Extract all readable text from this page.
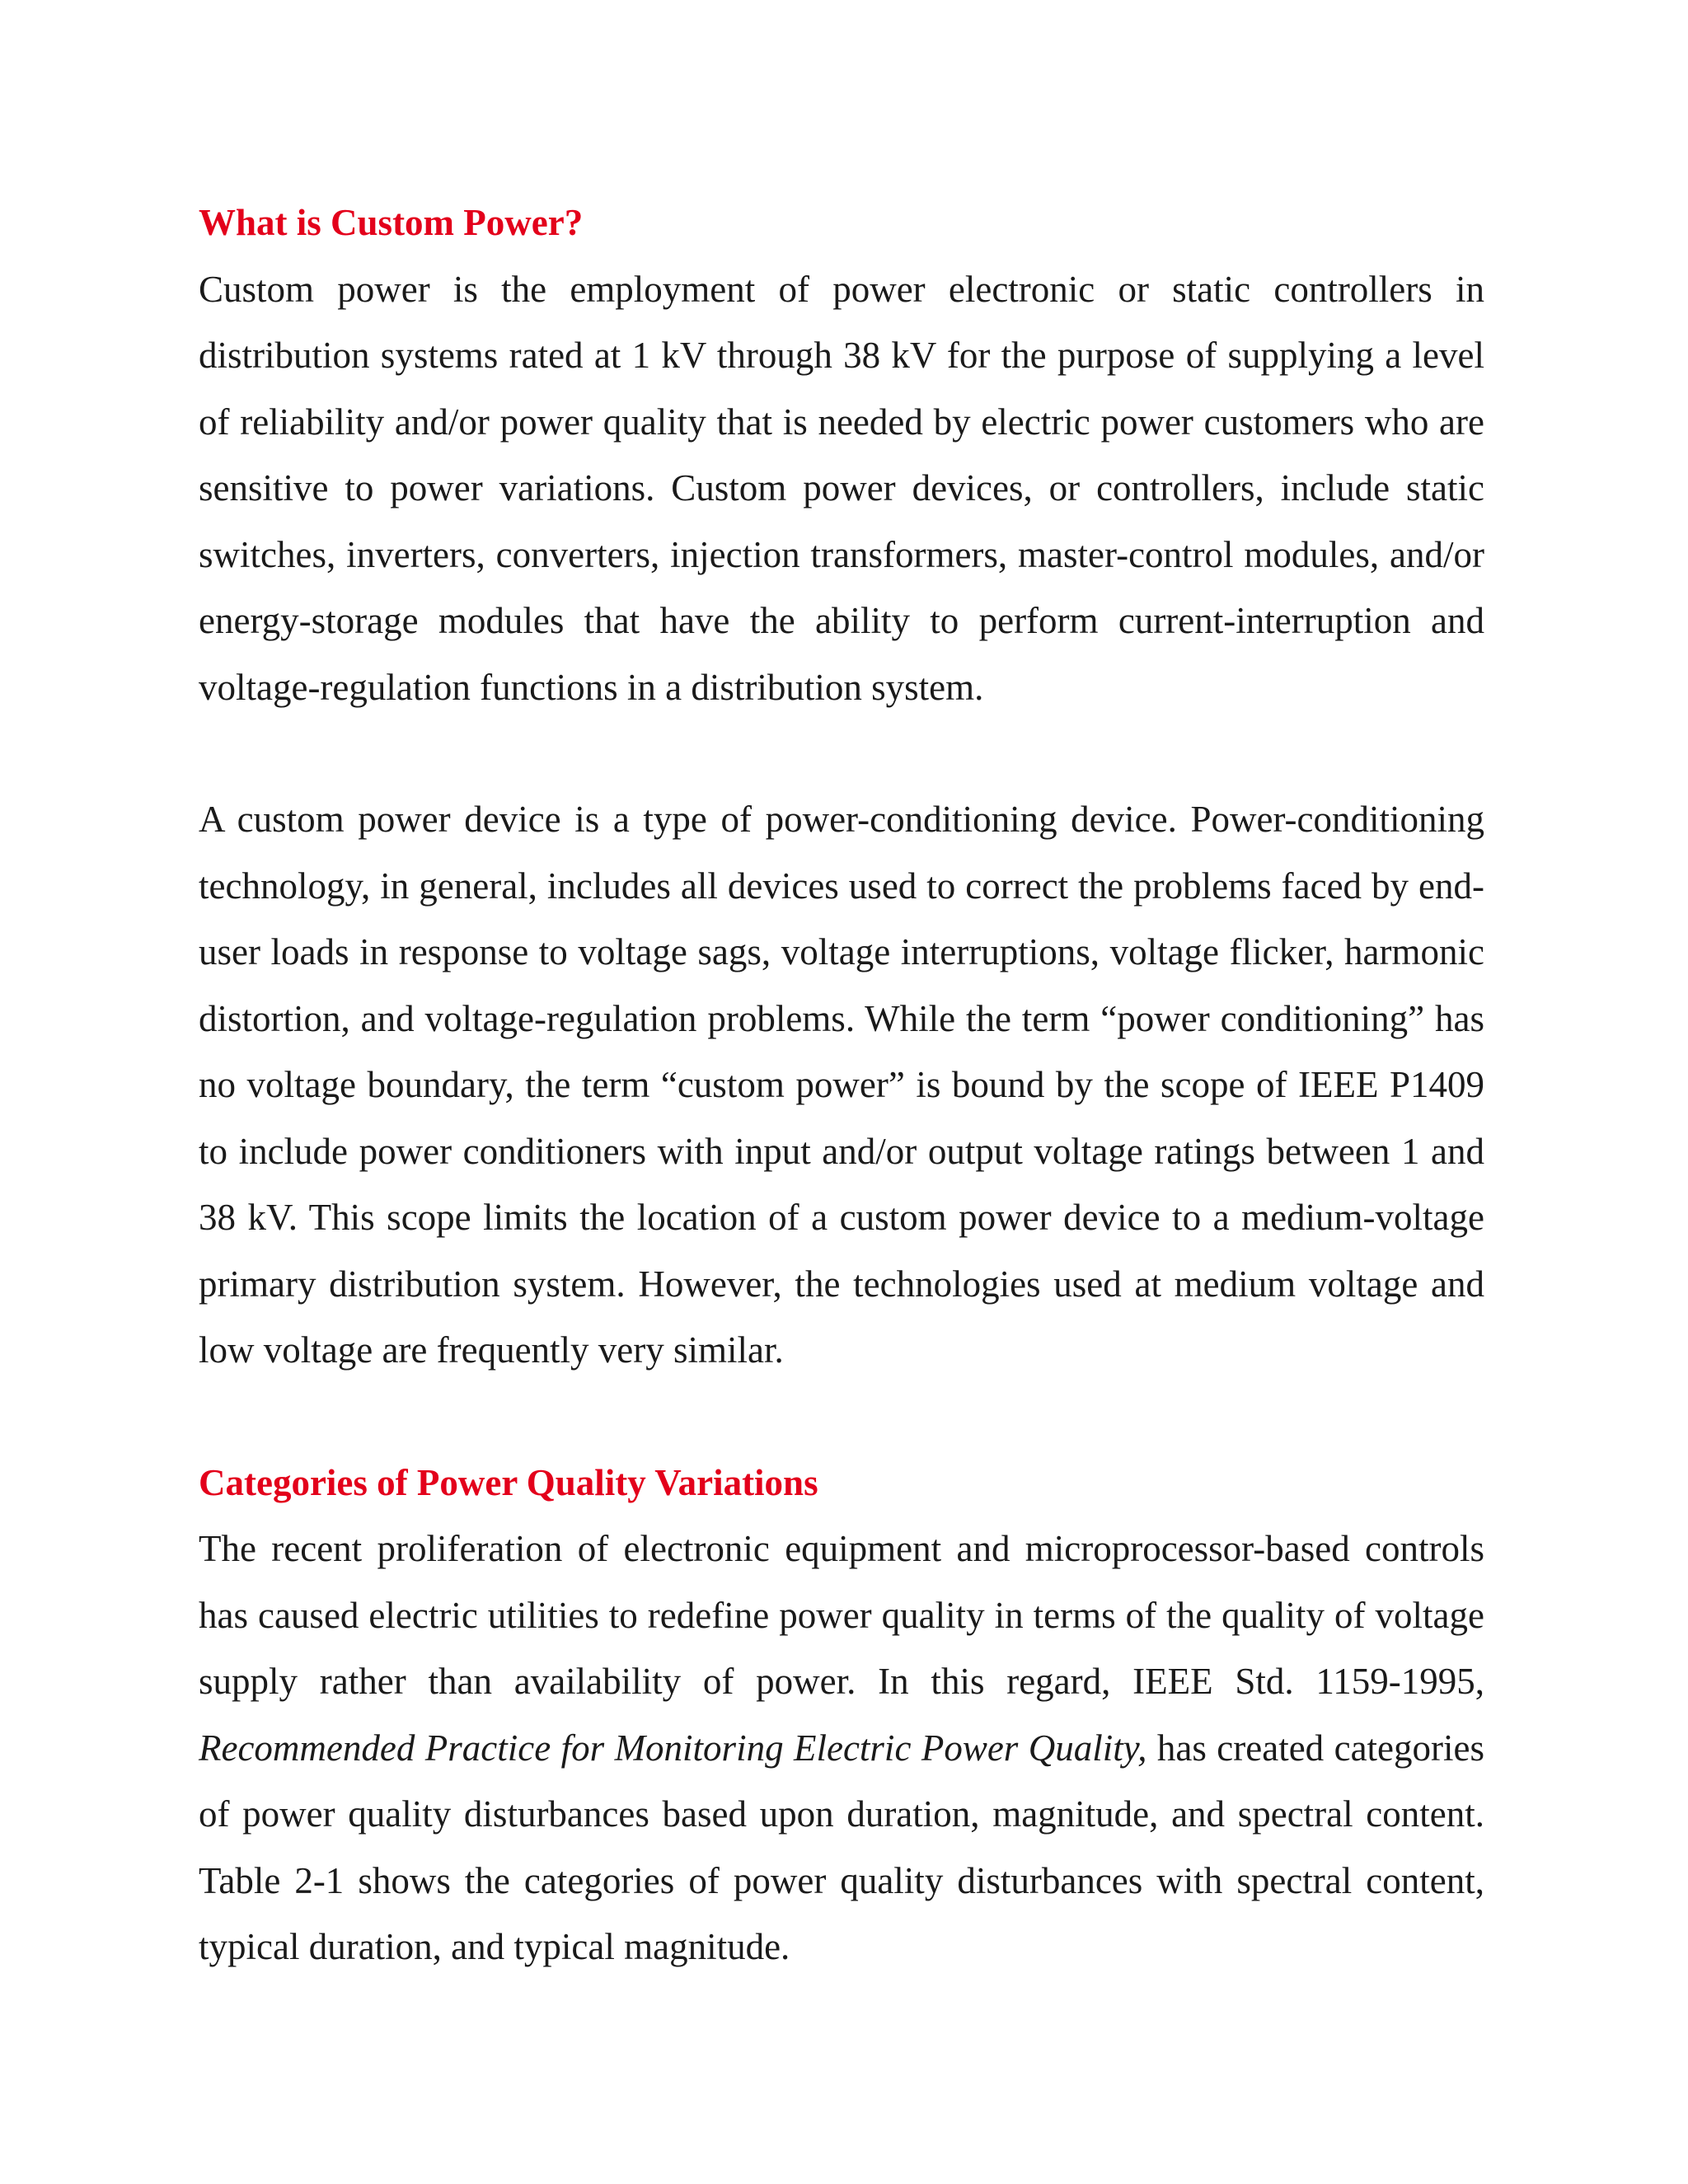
What is Custom Power?

Custom power is the employment of power electronic or static controllers in distribution systems rated at 1 kV through 38 kV for the purpose of supplying a level of reliability and/or power quality that is needed by electric power customers who are sensitive to power variations. Custom power devices, or controllers, include static switches, inverters, converters, injection transformers, master-control modules, and/or energy-storage modules that have the ability to perform current-interruption and voltage-regulation functions in a distribution system.

A custom power device is a type of power-conditioning device. Power-conditioning technology, in general, includes all devices used to correct the problems faced by end-user loads in response to voltage sags, voltage interruptions, voltage flicker, harmonic distortion, and voltage-regulation problems. While the term “power conditioning” has no voltage boundary, the term “custom power” is bound by the scope of IEEE P1409 to include power conditioners with input and/or output voltage ratings between 1 and 38 kV. This scope limits the location of a custom power device to a medium-voltage primary distribution system. However, the technologies used at medium voltage and low voltage are frequently very similar.

Categories of Power Quality Variations

The recent proliferation of electronic equipment and microprocessor-based controls has caused electric utilities to redefine power quality in terms of the quality of voltage supply rather than availability of power. In this regard, IEEE Std. 1159-1995, Recommended Practice for Monitoring Electric Power Quality, has created categories of power quality disturbances based upon duration, magnitude, and spectral content. Table 2-1 shows the categories of power quality disturbances with spectral content, typical duration, and typical magnitude.
